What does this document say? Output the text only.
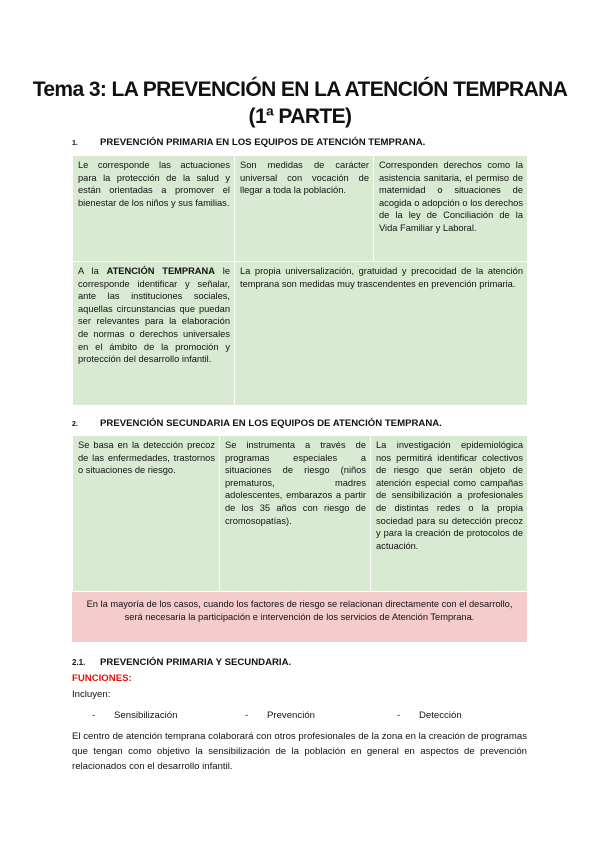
Tema 3: LA PREVENCIÓN EN LA ATENCIÓN TEMPRANA
(1ª PARTE)
1. PREVENCIÓN PRIMARIA EN LOS EQUIPOS DE ATENCIÓN TEMPRANA.
Le corresponde las actuaciones para la protección de la salud y están orientadas a promover el bienestar de los niños y sus familias.	Son medidas de carácter universal con vocación de llegar a toda la población.	Corresponden derechos como la asistencia sanitaria, el permiso de maternidad o situaciones de acogida o adopción o los derechos de la ley de Conciliación de la Vida Familiar y Laboral.
A la ATENCIÓN TEMPRANA le corresponde identificar y señalar, ante las instituciones sociales, aquellas circunstancias que puedan ser relevantes para la elaboración de normas o derechos universales en el ámbito de la promoción y protección del desarrollo infantil.	La propia universalización, gratuidad y precocidad de la atención temprana son medidas muy trascendentes en prevención primaria.	
2. PREVENCIÓN SECUNDARIA EN LOS EQUIPOS DE ATENCIÓN TEMPRANA.
Se basa en la detección precoz de las enfermedades, trastornos o situaciones de riesgo.	Se instrumenta a través de programas especiales a situaciones de riesgo (niños prematuros, madres adolescentes, embarazos a partir de los 35 años con riesgo de cromosopatías).	La investigación epidemiológica nos permitirá identificar colectivos de riesgo que serán objeto de atención especial como campañas de sensibilización a profesionales de distintas redes o la propia sociedad para su detección precoz y para la creación de protocolos de actuación.
En la mayoría de los casos, cuando los factores de riesgo se relacionan directamente con el desarrollo, será necesaria la participación e intervención de los servicios de Atención Temprana.
2.1. PREVENCIÓN PRIMARIA Y SECUNDARIA.
FUNCIONES:
Incluyen:
- Sensibilización	- Prevención	- Detección
El centro de atención temprana colaborará con otros profesionales de la zona en la creación de programas que tengan como objetivo la sensibilización de la población en general en aspectos de prevención relacionados con el desarrollo infantil.
